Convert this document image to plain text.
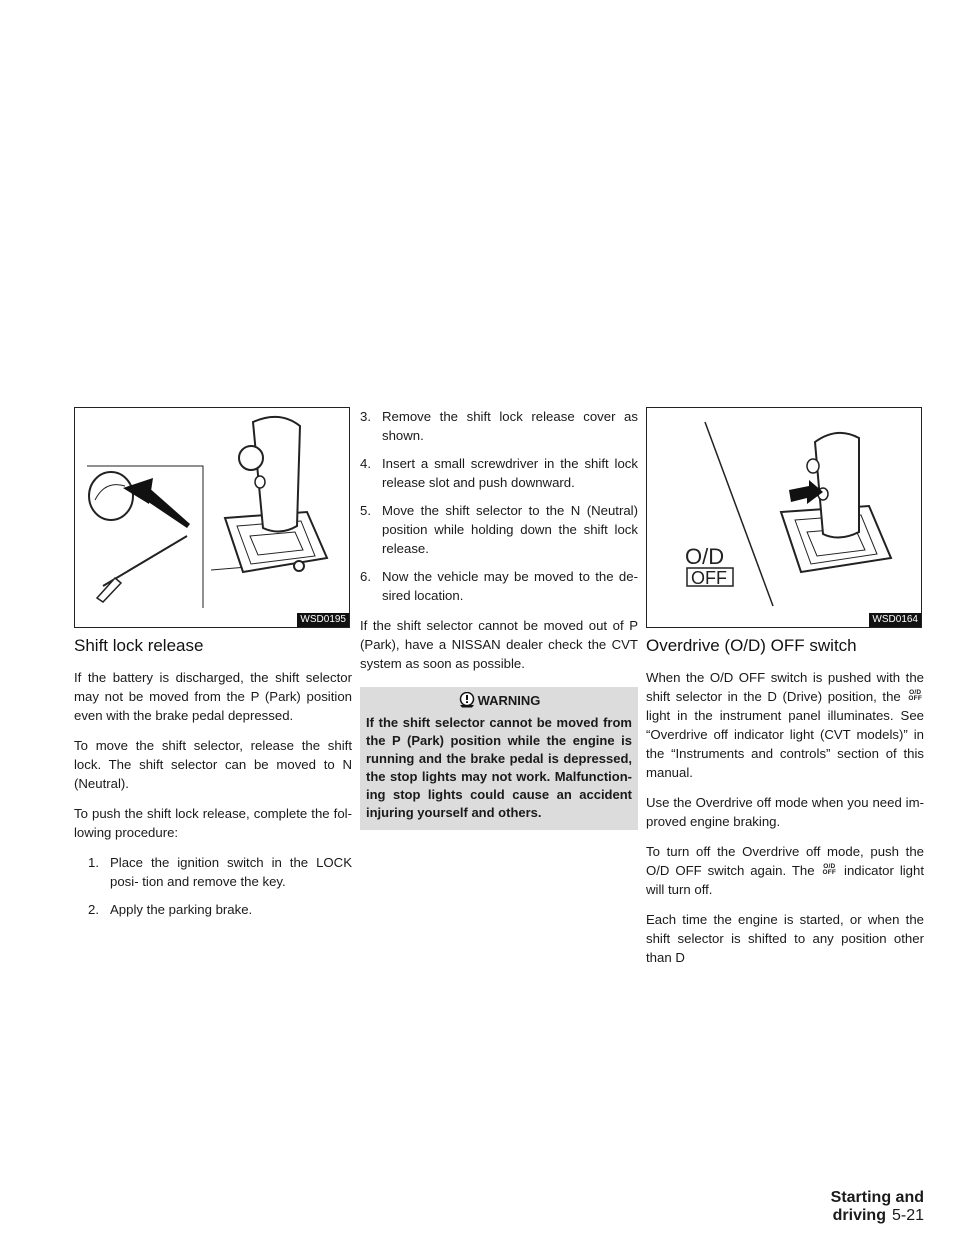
WSD0195
Shift lock release

If the battery is discharged, the shift selector may not be moved from the P (Park) position even with the brake pedal depressed.

To move the shift selector, release the shift lock. The shift selector can be moved to N (Neutral).

To push the shift lock release, complete the fol- lowing procedure:

1. Place the ignition switch in the LOCK posi- tion and remove the key.
2. Apply the parking brake.
3. Remove the shift lock release cover as shown.
4. Insert a small screwdriver in the shift lock release slot and push downward.
5. Move the shift selector to the N (Neutral) position while holding down the shift lock release.
6. Now the vehicle may be moved to the de- sired location.

If the shift selector cannot be moved out of P (Park), have a NISSAN dealer check the CVT system as soon as possible.

WARNING
If the shift selector cannot be moved from the P (Park) position while the engine is running and the brake pedal is depressed, the stop lights may not work. Malfunction- ing stop lights could cause an accident injuring yourself and others.
O/D
OFF
WSD0164
Overdrive (O/D) OFF switch

When the O/D OFF switch is pushed with the shift selector in the D (Drive) position, the O/D
OFF light in the instrument panel illuminates. See “Overdrive off indicator light (CVT models)” in the “Instruments and controls” section of this manual.

Use the Overdrive off mode when you need im- proved engine braking.

To turn off the Overdrive off mode, push the O/D OFF switch again. The O/D
OFF indicator light will turn off.

Each time the engine is started, or when the shift selector is shifted to any position other than D

Starting and driving 5-21
